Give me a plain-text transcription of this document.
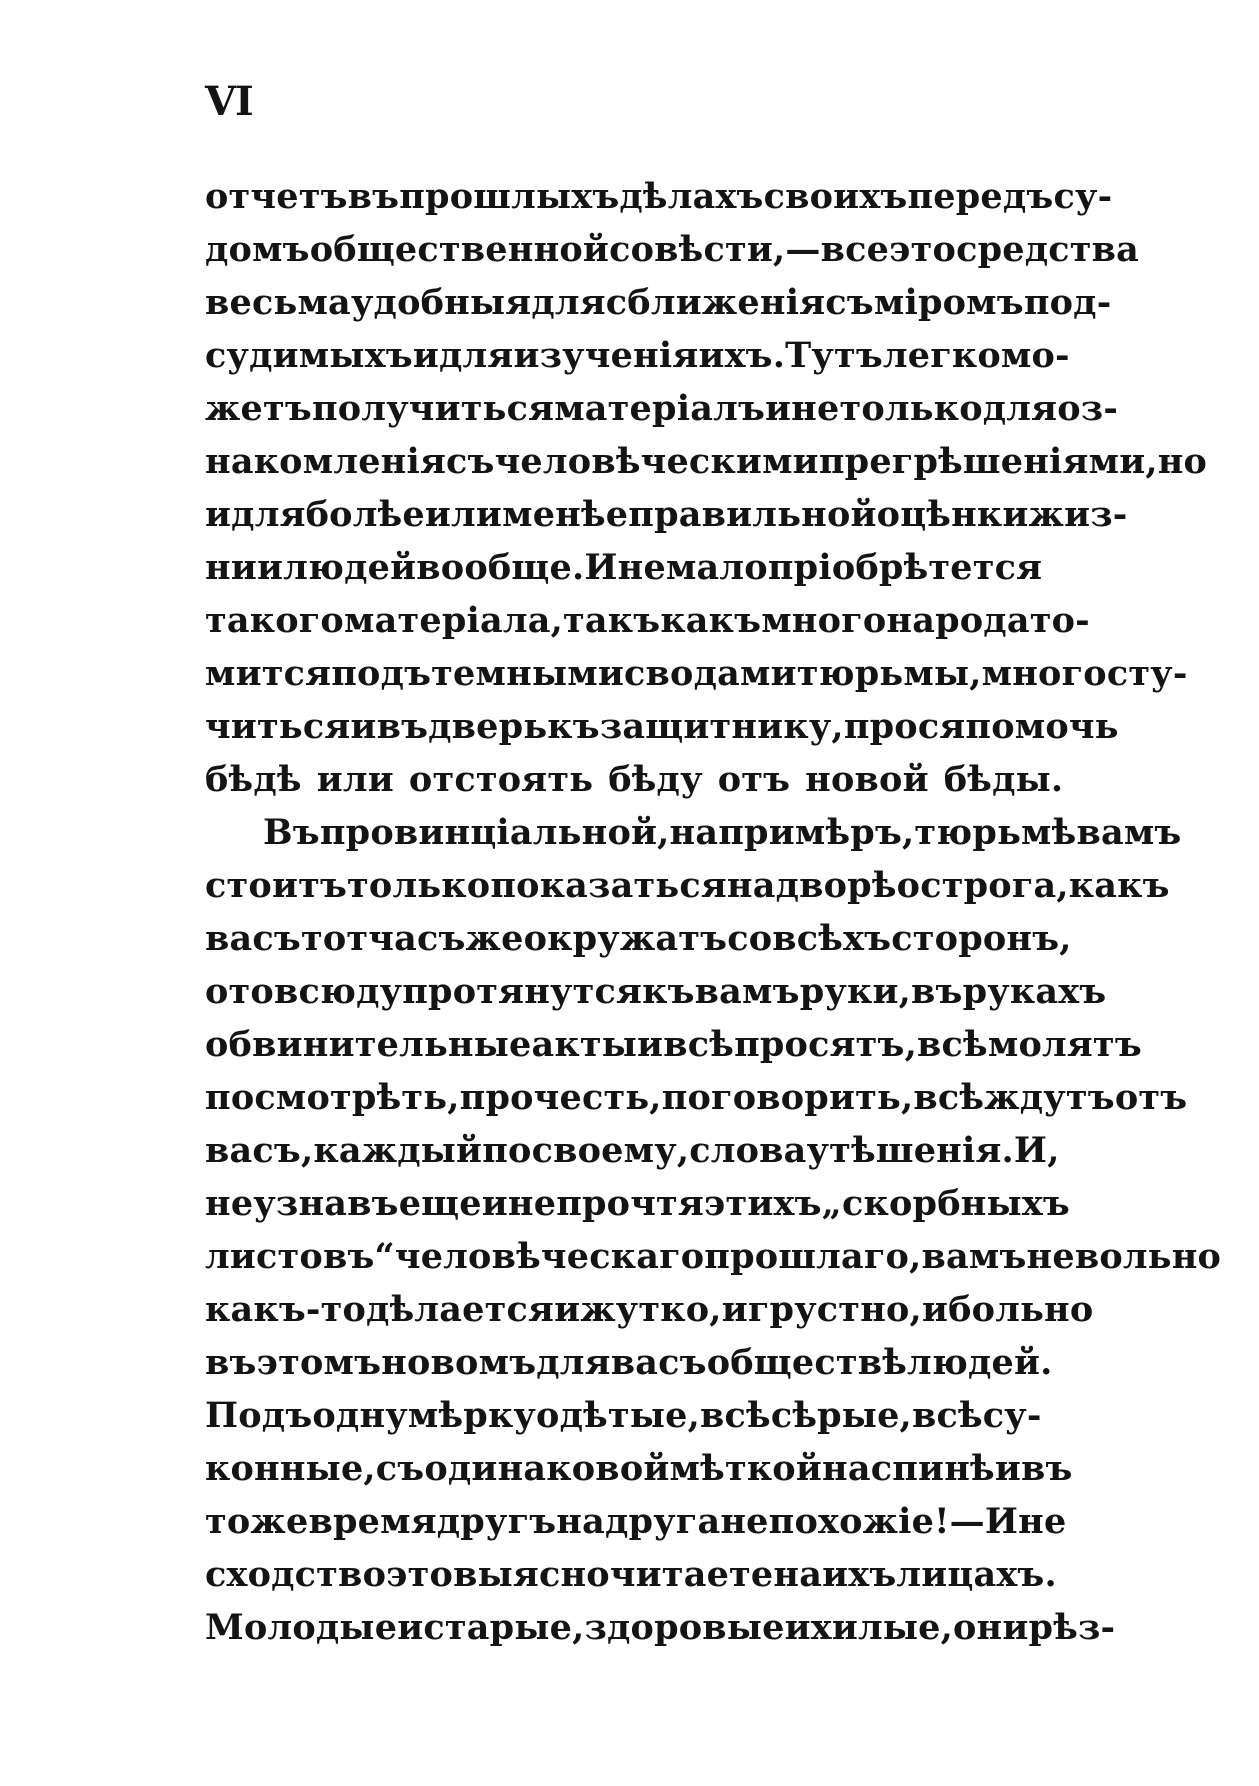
VI
отчетъ въ прошлыхъ дѣлахъ своихъ передъ су-
домъ общественной совѣсти,—все это средства
весьма удобныя для сближенія съ міромъ под-
судимыхъ и для изученія ихъ. Тутъ легко мо-
жетъ получиться матеріалъ и не только для оз-
накомленія съ человѣческими прегрѣшеніями, но
и для болѣе или менѣе правильной оцѣнки жиз-
ни и людей вообще. И не мало пріобрѣтется
такого матеріала, такъ какъ много народа то-
мится подъ темными сводами тюрьмы, много сту-
читься и въ дверь къ защитнику, прося помочь
бѣдѣ или отстоять бѣду отъ новой бѣды.
Въ провинціальной, напримѣръ, тюрьмѣ вамъ
стоитъ только показаться на дворѣ острога, какъ
васъ тотчасъ же окружатъ со всѣхъ сторонъ,
отовсюду протянутся къ вамъ руки, въ рукахъ
обвинительные акты и всѣ просятъ, всѣ молятъ
посмотрѣть, прочесть, поговорить, всѣ ждутъ отъ
васъ, каждый по своему, слова утѣшенія. И,
не узнавъ еще и не прочтя этихъ „скорбныхъ
листовъ“ человѣческаго прошлаго, вамъ невольно
какъ-то дѣлается и жутко, и грустно, и больно
въ этомъ новомъ для васъ обществѣ людей.
Подъ одну мѣрку одѣтые, всѣ сѣрые, всѣ су-
конные, съ одинаковой мѣткой на спинѣ и въ
тоже время другъ на друга не похожіе!—И не
сходство это вы ясно читаете на ихъ лицахъ.
Молодые и старые, здоровые и хилые, они рѣз-
